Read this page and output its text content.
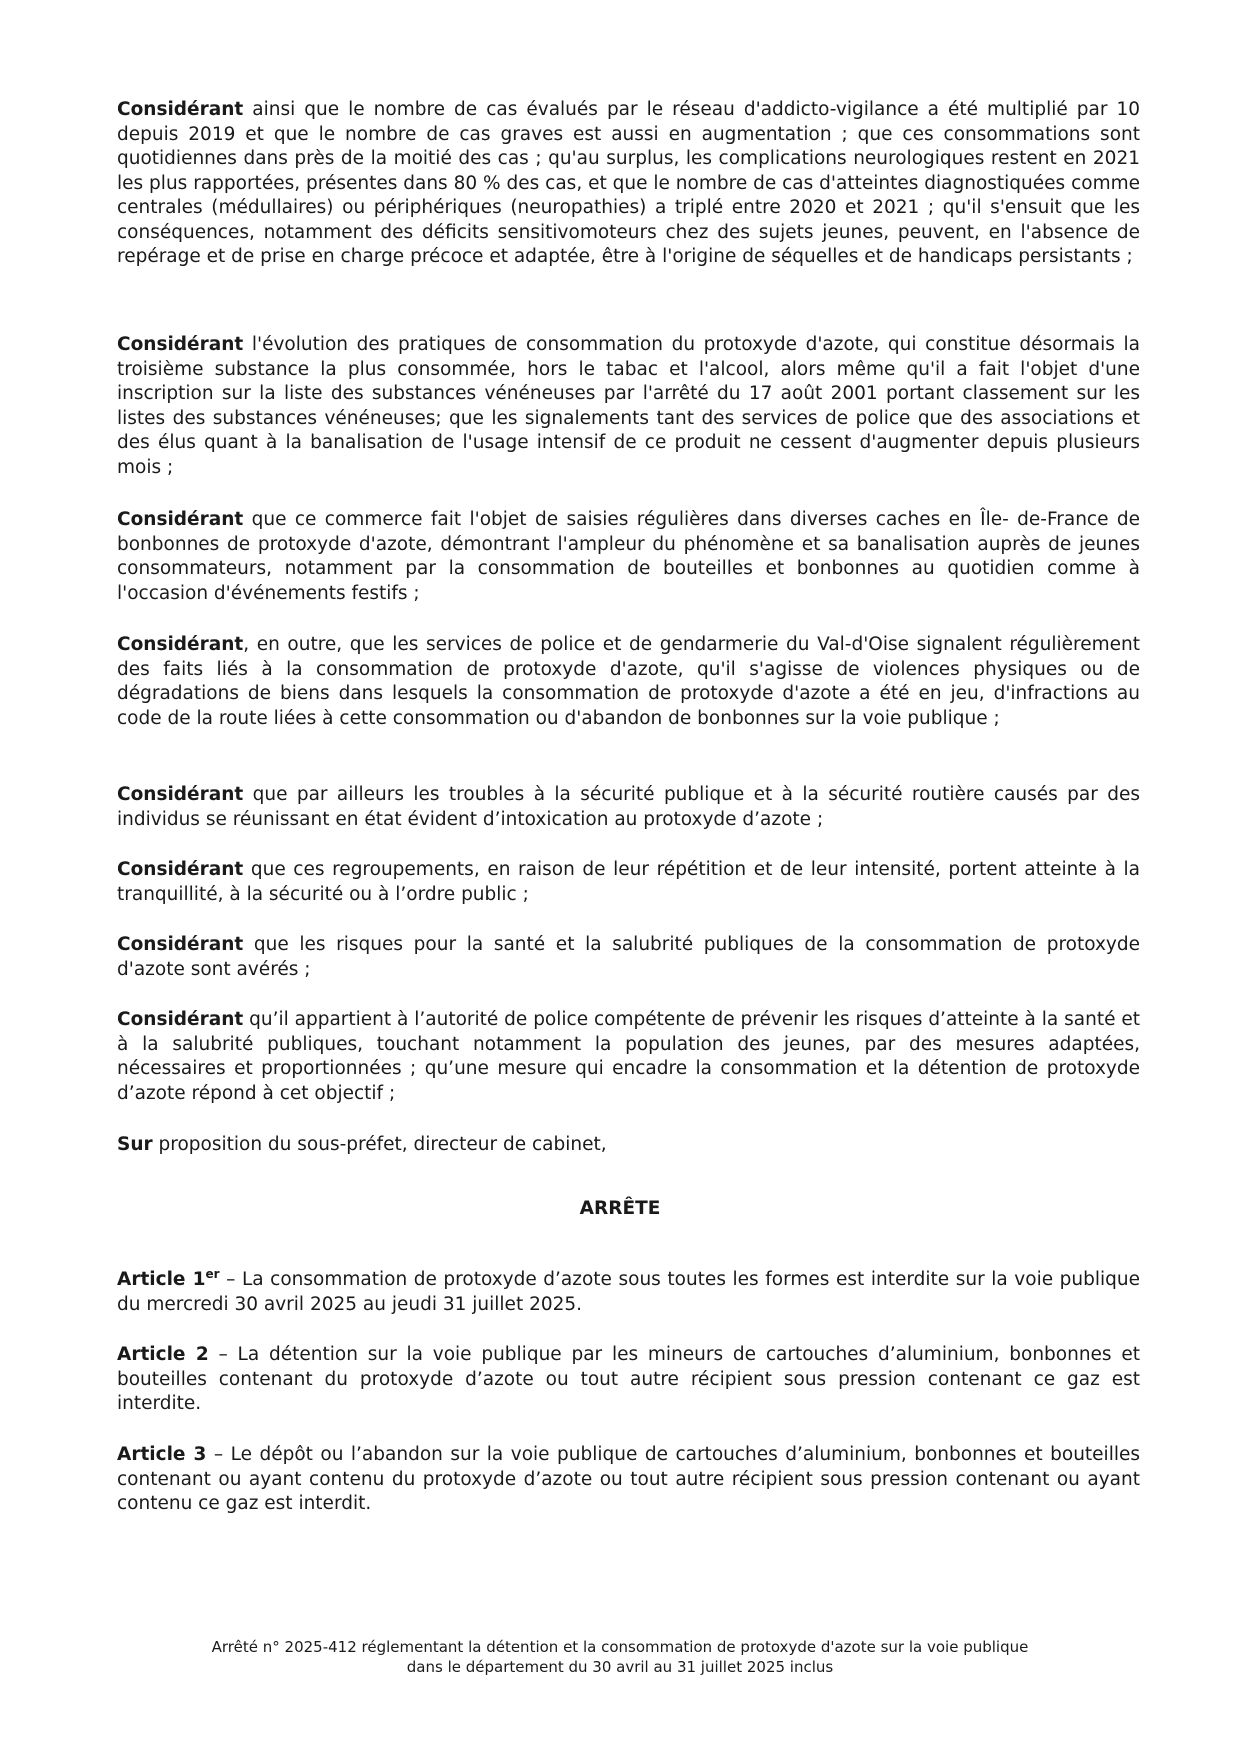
Considérant ainsi que le nombre de cas évalués par le réseau d'addicto-vigilance a été multiplié par 10 depuis 2019 et que le nombre de cas graves est aussi en augmentation ; que ces consommations sont quotidiennes dans près de la moitié des cas ; qu'au surplus, les complications neurologiques restent en 2021 les plus rapportées, présentes dans 80 % des cas, et que le nombre de cas d'atteintes diagnostiquées comme centrales (médullaires) ou périphériques (neuropathies) a triplé entre 2020 et 2021 ; qu'il s'ensuit que les conséquences, notamment des déficits sensitivomoteurs chez des sujets jeunes, peuvent, en l'absence de repérage et de prise en charge précoce et adaptée, être à l'origine de séquelles et de handicaps persistants ;

Considérant l'évolution des pratiques de consommation du protoxyde d'azote, qui constitue désormais la troisième substance la plus consommée, hors le tabac et l'alcool, alors même qu'il a fait l'objet d'une inscription sur la liste des substances vénéneuses par l'arrêté du 17 août 2001 portant classement sur les listes des substances vénéneuses; que les signalements tant des services de police que des associations et des élus quant à la banalisation de l'usage intensif de ce produit ne cessent d'augmenter depuis plusieurs mois ;

Considérant que ce commerce fait l'objet de saisies régulières dans diverses caches en Île- de-France de bonbonnes de protoxyde d'azote, démontrant l'ampleur du phénomène et sa banalisation auprès de jeunes consommateurs, notamment par la consommation de bouteilles et bonbonnes au quotidien comme à l'occasion d'événements festifs ;

Considérant, en outre, que les services de police et de gendarmerie du Val-d'Oise signalent régulièrement des faits liés à la consommation de protoxyde d'azote, qu'il s'agisse de violences physiques ou de dégradations de biens dans lesquels la consommation de protoxyde d'azote a été en jeu, d'infractions au code de la route liées à cette consommation ou d'abandon de bonbonnes sur la voie publique ;

Considérant que par ailleurs les troubles à la sécurité publique et à la sécurité routière causés par des individus se réunissant en état évident d’intoxication au protoxyde d’azote ;

Considérant que ces regroupements, en raison de leur répétition et de leur intensité, portent atteinte à la tranquillité, à la sécurité ou à l’ordre public ;

Considérant que les risques pour la santé et la salubrité publiques de la consommation de protoxyde d'azote sont avérés ;

Considérant qu’il appartient à l’autorité de police compétente de prévenir les risques d’atteinte à la santé et à la salubrité publiques, touchant notamment la population des jeunes, par des mesures adaptées, nécessaires et proportionnées ; qu’une mesure qui encadre la consommation et la détention de protoxyde d’azote répond à cet objectif ;

Sur proposition du sous-préfet, directeur de cabinet,

ARRÊTE

Article 1er – La consommation de protoxyde d’azote sous toutes les formes est interdite sur la voie publique du mercredi 30 avril 2025 au jeudi 31 juillet 2025.

Article 2 – La détention sur la voie publique par les mineurs de cartouches d’aluminium, bonbonnes et bouteilles contenant du protoxyde d’azote ou tout autre récipient sous pression contenant ce gaz est interdite.

Article 3 – Le dépôt ou l’abandon sur la voie publique de cartouches d’aluminium, bonbonnes et bouteilles contenant ou ayant contenu du protoxyde d’azote ou tout autre récipient sous pression contenant ou ayant contenu ce gaz est interdit.

Arrêté n° 2025-412 réglementant la détention et la consommation de protoxyde d'azote sur la voie publique
dans le département du 30 avril au 31 juillet 2025 inclus
